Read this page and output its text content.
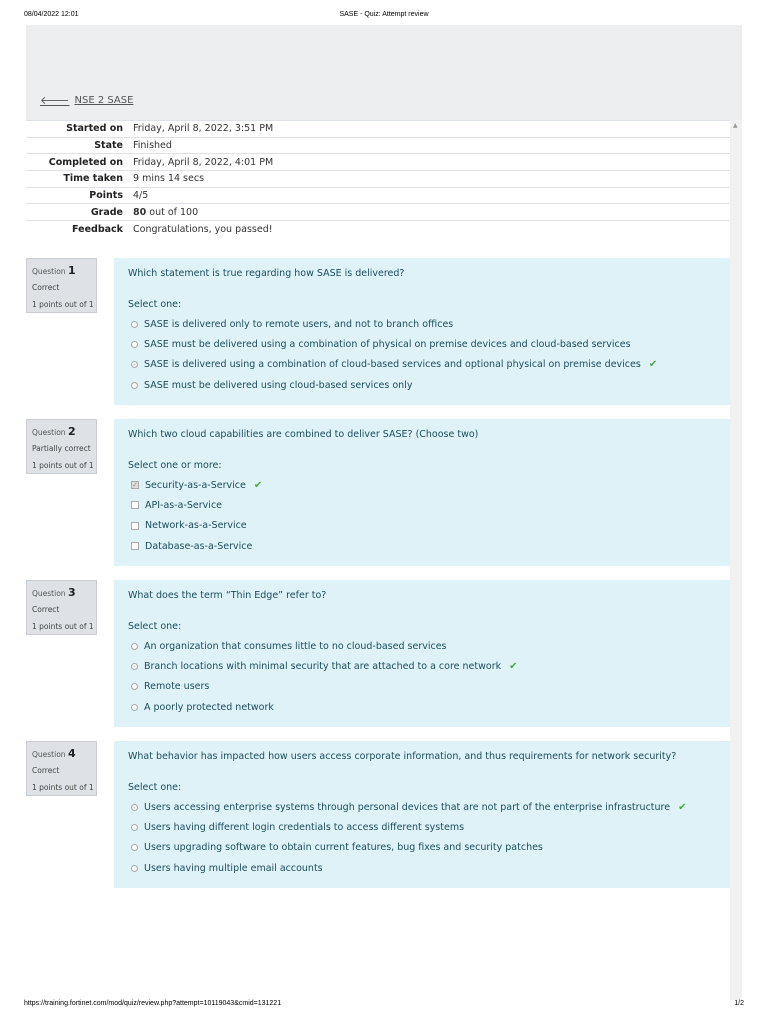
08/04/2022 12:01	SASE - Quiz: Attempt review
🡐 NSE 2 SASE
▲
Started on	Friday, April 8, 2022, 3:51 PM
State	Finished
Completed on	Friday, April 8, 2022, 4:01 PM
Time taken	9 mins 14 secs
Points	4/5
Grade	80 out of 100
Feedback	Congratulations, you passed!
Question 1
Correct
1 points out of 1
Which statement is true regarding how SASE is delivered?
Select one:
SASE is delivered only to remote users, and not to branch offices
SASE must be delivered using a combination of physical on premise devices and cloud-based services
SASE is delivered using a combination of cloud-based services and optional physical on premise devices ✔
SASE must be delivered using cloud-based services only
Question 2
Partially correct
1 points out of 1
Which two cloud capabilities are combined to deliver SASE? (Choose two)
Select one or more:
✓ Security-as-a-Service ✔
API-as-a-Service
Network-as-a-Service
Database-as-a-Service
Question 3
Correct
1 points out of 1
What does the term “Thin Edge” refer to?
Select one:
An organization that consumes little to no cloud-based services
Branch locations with minimal security that are attached to a core network ✔
Remote users
A poorly protected network
Question 4
Correct
1 points out of 1
What behavior has impacted how users access corporate information, and thus requirements for network security?
Select one:
Users accessing enterprise systems through personal devices that are not part of the enterprise infrastructure ✔
Users having different login credentials to access different systems
Users upgrading software to obtain current features, bug fixes and security patches
Users having multiple email accounts
https://training.fortinet.com/mod/quiz/review.php?attempt=10119043&cmid=131221	1/2
